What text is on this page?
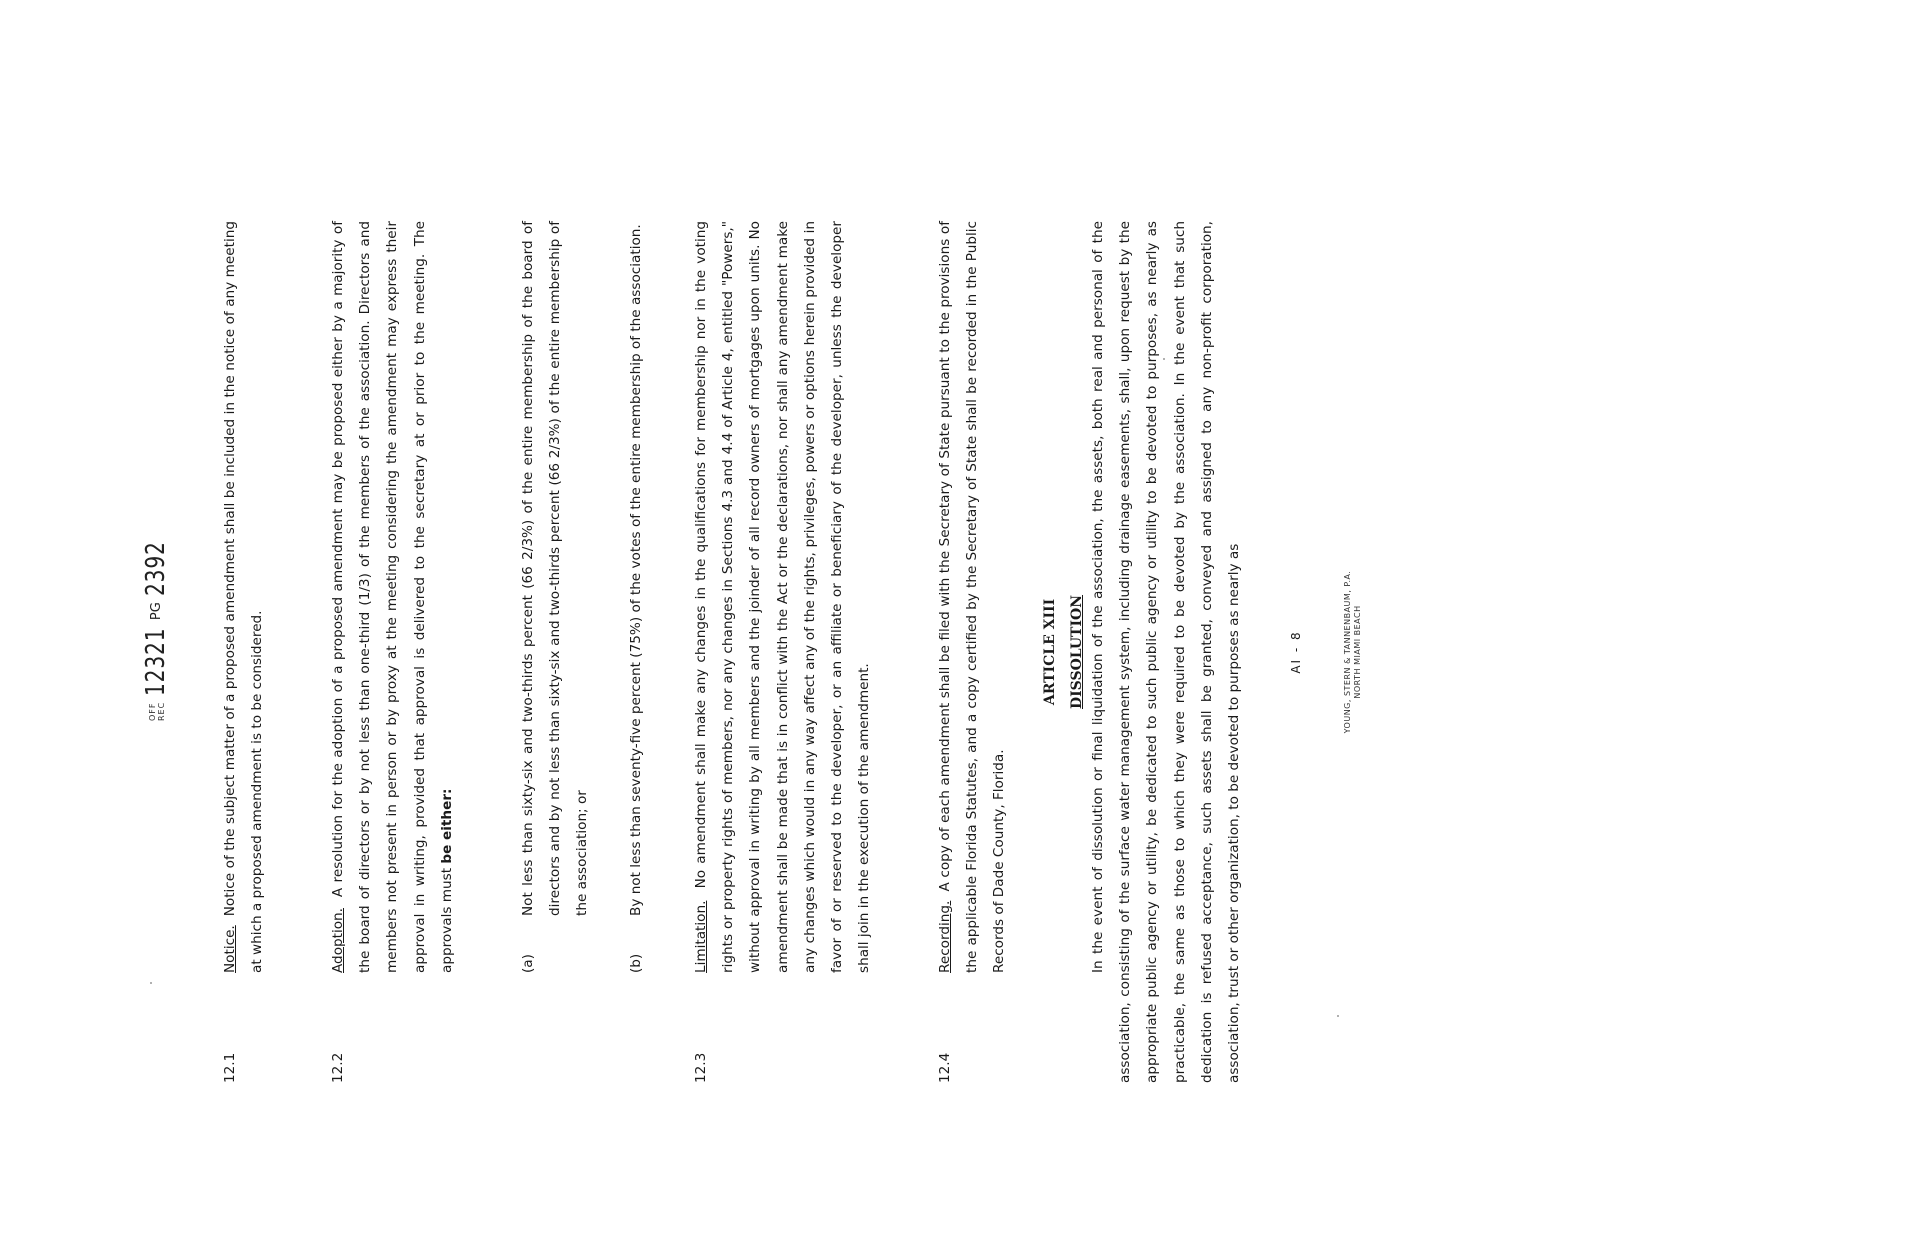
OFF REC
12321
PG
2392
12.1
Notice.  Notice of the subject matter of a proposed amendment shall be included in the notice of any meeting at which a proposed amendment is to be considered.
12.2
Adoption.  A resolution for the adoption of a proposed amendment may be proposed either by a majority of the board of directors or by not less than one-third (1/3) of the members of the association. Directors and members not present in person or by proxy at the meeting considering the amendment may express their approval in writing, provided that approval is delivered to the secretary at or prior to the meeting. The approvals must be either:
(a)
Not less than sixty-six and two-thirds percent (66 2/3%) of the entire membership of the board of directors and by not less than sixty-six and two-thirds percent (66 2/3%) of the entire membership of the association; or
(b)
By not less than seventy-five percent (75%) of the votes of the entire membership of the association.
12.3
Limitation.  No amendment shall make any changes in the qualifications for membership nor in the voting rights or property rights of members, nor any changes in Sections 4.3 and 4.4 of Article 4, entitled "Powers," without approval in writing by all members and the joinder of all record owners of mortgages upon units. No amendment shall be made that is in conflict with the Act or the declarations, nor shall any amendment make any changes which would in any way affect any of the rights, privileges, powers or options herein provided in favor of or reserved to the developer, or an affiliate or beneficiary of the developer, unless the developer shall join in the execution of the amendment.
12.4
Recording.  A copy of each amendment shall be filed with the Secretary of State pursuant to the provisions of the applicable Florida Statutes, and a copy certified by the Secretary of State shall be recorded in the Public Records of Dade County, Florida.
ARTICLE XIII DISSOLUTION In the event of dissolution or final liquidation of the association, the assets, both real and personal of the association, consisting of the surface water management system, including drainage easements, shall, upon request by the appropriate public agency or utility, be dedicated to such public agency or utility to be devoted to purposes, as nearly as practicable, the same as those to which they were required to be devoted by the association. In the event that such dedication is refused acceptance, such assets shall be granted, conveyed and assigned to any non-profit corporation, association, trust or other organization, to be devoted to purposes as nearly as	AI - 8	YOUNG, STERN & TANNENBAUM, P.A. NORTH MIAMI BEACH
